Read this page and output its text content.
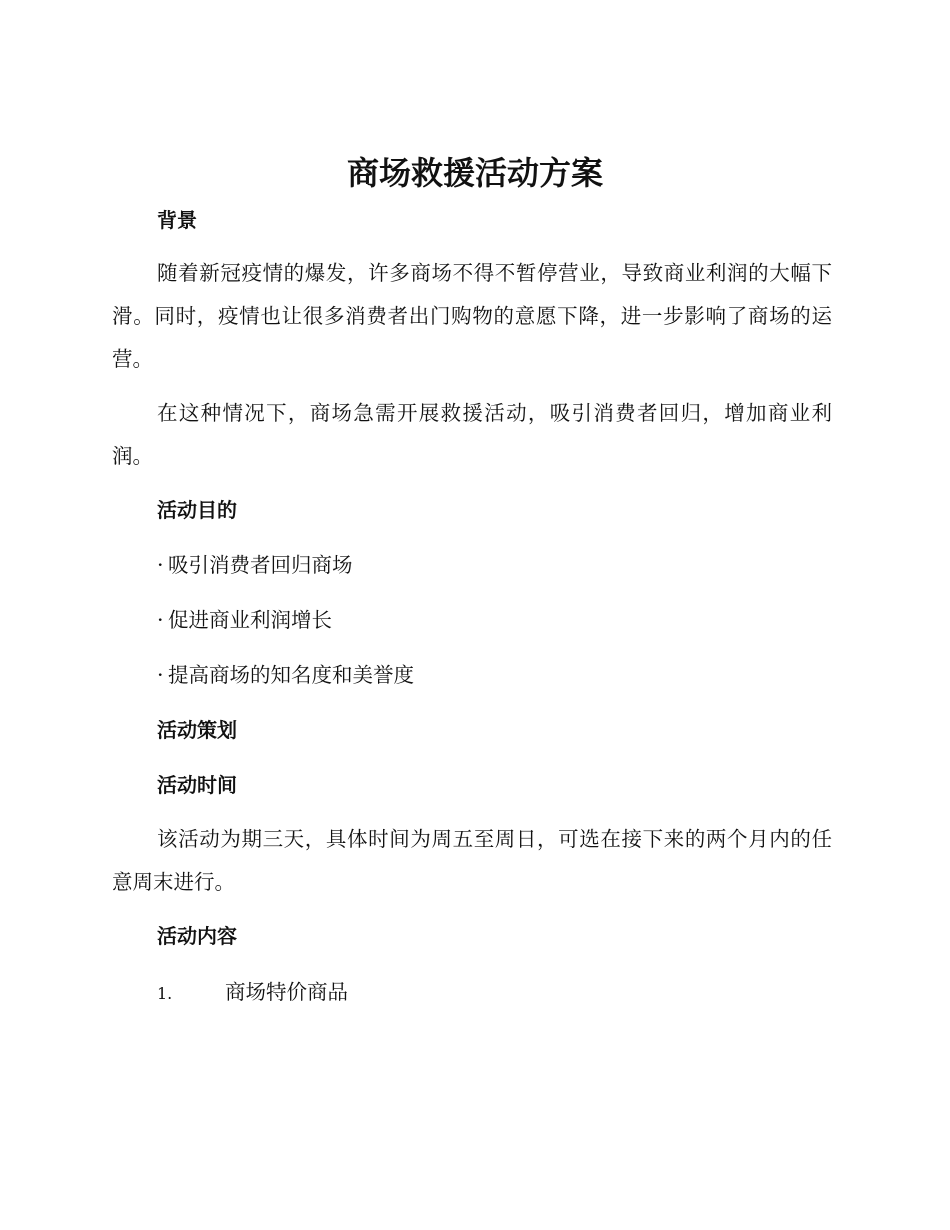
商场救援活动方案
背景

随着新冠疫情的爆发，许多商场不得不暂停营业，导致商业利润的大幅下滑。同时，疫情也让很多消费者出门购物的意愿下降，进一步影响了商场的运营。

在这种情况下，商场急需开展救援活动，吸引消费者回归，增加商业利润。

活动目的

· 吸引消费者回归商场

· 促进商业利润增长

· 提高商场的知名度和美誉度

活动策划
活动时间

该活动为期三天，具体时间为周五至周日，可选在接下来的两个月内的任意周末进行。

活动内容

1.	商场特价商品
